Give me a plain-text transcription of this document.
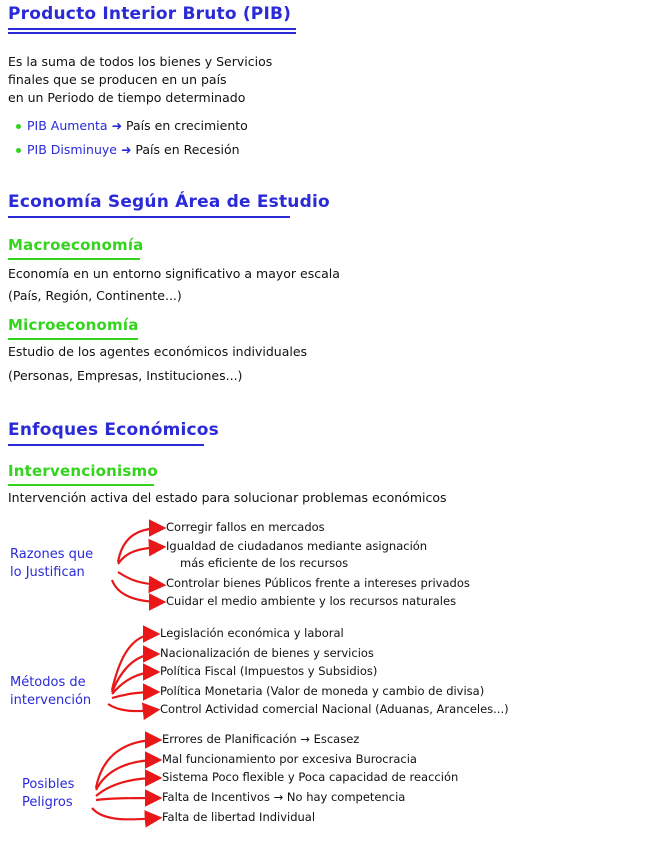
Producto Interior Bruto (PIB)
Es la suma de todos los bienes y Servicios
finales que se producen en un país
en un Periodo de tiempo determinado
PIB Aumenta ➜ País en crecimiento
PIB Disminuye ➜ País en Recesión
Economía Según Área de Estudio
Macroeconomía
Economía en un entorno significativo a mayor escala
(País, Región, Continente...)
Microeconomía
Estudio de los agentes económicos individuales
(Personas, Empresas, Instituciones...)
Enfoques Económicos
Intervencionismo
Intervención activa del estado para solucionar problemas económicos
Razones que
lo Justifican
Corregir fallos en mercados
Igualdad de ciudadanos mediante asignación
más eficiente de los recursos
Controlar bienes Públicos frente a intereses privados
Cuidar el medio ambiente y los recursos naturales
Métodos de
intervención
Legislación económica y laboral
Nacionalización de bienes y servicios
Política Fiscal (Impuestos y Subsidios)
Política Monetaria (Valor de moneda y cambio de divisa)
Control Actividad comercial Nacional (Aduanas, Aranceles...)
Posibles
Peligros
Errores de Planificación → Escasez
Mal funcionamiento por excesiva Burocracia
Sistema Poco flexible y Poca capacidad de reacción
Falta de Incentivos → No hay competencia
Falta de libertad Individual
